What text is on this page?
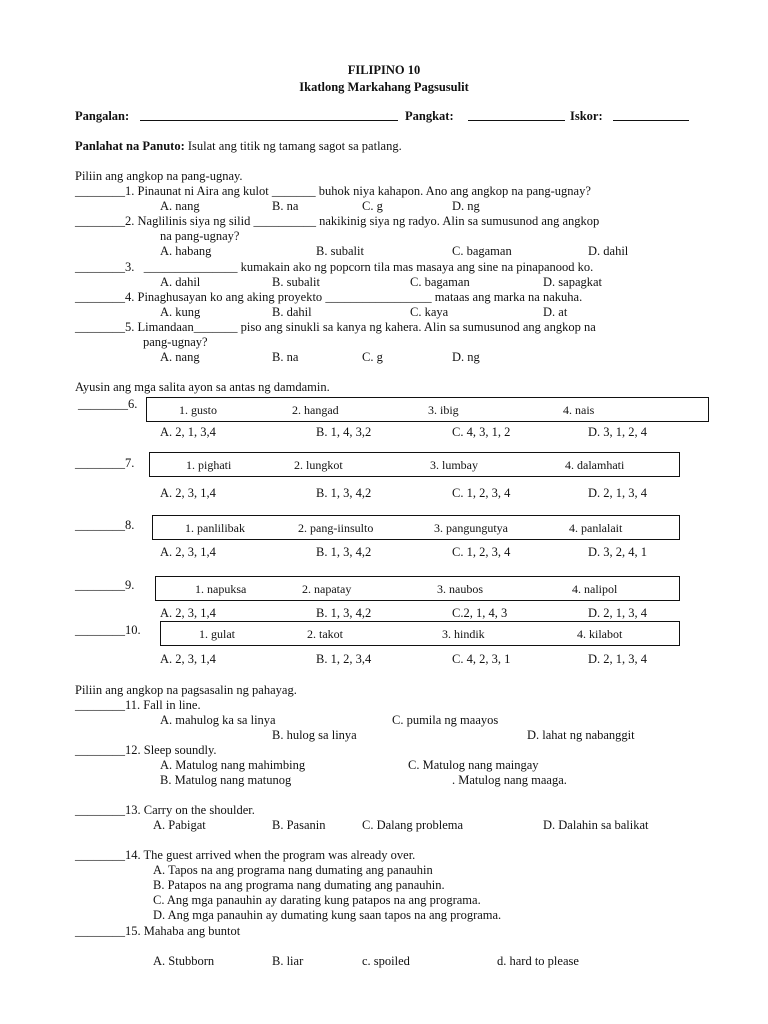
FILIPINO 10
Ikatlong Markahang Pagsusulit
Pangalan:	Pangkat:	Iskor:
Panlahat na Panuto: Isulat ang titik ng tamang sagot sa patlang.
Piliin ang angkop na pang-ugnay.
________1. Pinaunat ni Aira ang kulot _______ buhok niya kahapon. Ano ang angkop na pang-ugnay?
A. nang	B. na	C. g	D. ng
________2. Naglilinis siya ng silid __________ nakikinig siya ng radyo. Alin sa sumusunod ang angkop
na pang-ugnay?
A. habang	B. subalit	C. bagaman	D. dahil
________3. _______________ kumakain ako ng popcorn tila mas masaya ang sine na pinapanood ko.
A. dahil	B. subalit	C. bagaman	D. sapagkat
________4. Pinaghusayan ko ang aking proyekto _________________ mataas ang marka na nakuha.
A. kung	B. dahil	C. kaya	D. at
________5. Limandaan_______ piso ang sinukli sa kanya ng kahera. Alin sa sumusunod ang angkop na
pang-ugnay?
A. nang	B. na	C. g	D. ng
Ayusin ang mga salita ayon sa antas ng damdamin.
________6.	1. gusto	2. hangad	3. ibig	4. nais
A. 2, 1, 3,4	B. 1, 4, 3,2	C. 4, 3, 1, 2	D. 3, 1, 2, 4
________7.	1. pighati	2. lungkot	3. lumbay	4. dalamhati
A. 2, 3, 1,4	B. 1, 3, 4,2	C. 1, 2, 3, 4	D. 2, 1, 3, 4
________8.	1. panlilibak	2. pang-iinsulto	3. pangungutya	4. panlalait
A. 2, 3, 1,4	B. 1, 3, 4,2	C. 1, 2, 3, 4	D. 3, 2, 4, 1
________9.	1. napuksa	2. napatay	3. naubos	4. nalipol
A. 2, 3, 1,4	B. 1, 3, 4,2	C.2, 1, 4, 3	D. 2, 1, 3, 4
________10.	1. gulat	2. takot	3. hindik	4. kilabot
A. 2, 3, 1,4	B. 1, 2, 3,4	C. 4, 2, 3, 1	D. 2, 1, 3, 4
Piliin ang angkop na pagsasalin ng pahayag.
________11. Fall in line.
A. mahulog ka sa linya	C. pumila ng maayos
B. hulog sa linya	D. lahat ng nabanggit
________12. Sleep soundly.
A. Matulog nang mahimbing	C. Matulog nang maingay
B. Matulog nang matunog	. Matulog nang maaga.
________13. Carry on the shoulder.
A. Pabigat	B. Pasanin	C. Dalang problema	D. Dalahin sa balikat
________14. The guest arrived when the program was already over.
A. Tapos na ang programa nang dumating ang panauhin
B. Patapos na ang programa nang dumating ang panauhin.
C. Ang mga panauhin ay darating kung patapos na ang programa.
D. Ang mga panauhin ay dumating kung saan tapos na ang programa.
________15. Mahaba ang buntot
A. Stubborn	B. liar	c. spoiled	d. hard to please
